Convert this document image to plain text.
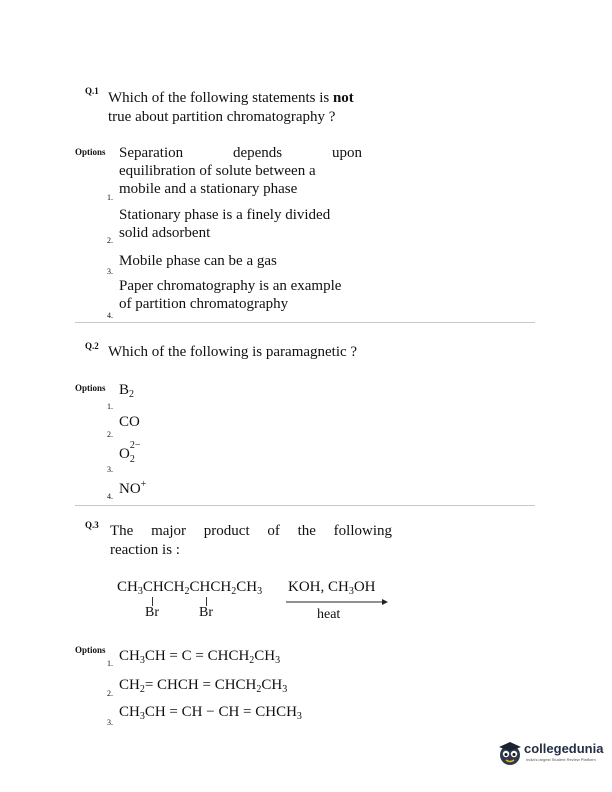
Q.1 Which of the following statements is not
true about partition chromatography ?
Options Separation depends upon
equilibration of solute between a
mobile and a stationary phase
1.
Stationary phase is a finely divided
solid adsorbent
2.
Mobile phase can be a gas
3.
Paper chromatography is an example
of partition chromatography
4.
Q.2 Which of the following is paramagnetic ?
Options $B_2$
1.
CO
2.
O
2−
2
3.
NO+
4.
Q.3 The major product of the following
reaction is :
$CH_3CHCH_2CHCH_2CH_3$
Br	Br
KOH, $CH_3OH$
heat
Options $CH_3CH = C$ = $CHCH_2CH_3$
1.
$CH_2=$ CHCH = $CHCH_2CH_3$
2.
$CH_3CH$ = CH − CH = $CHCH_3$
3.
collegedunia
India's largest Student Review Platform
